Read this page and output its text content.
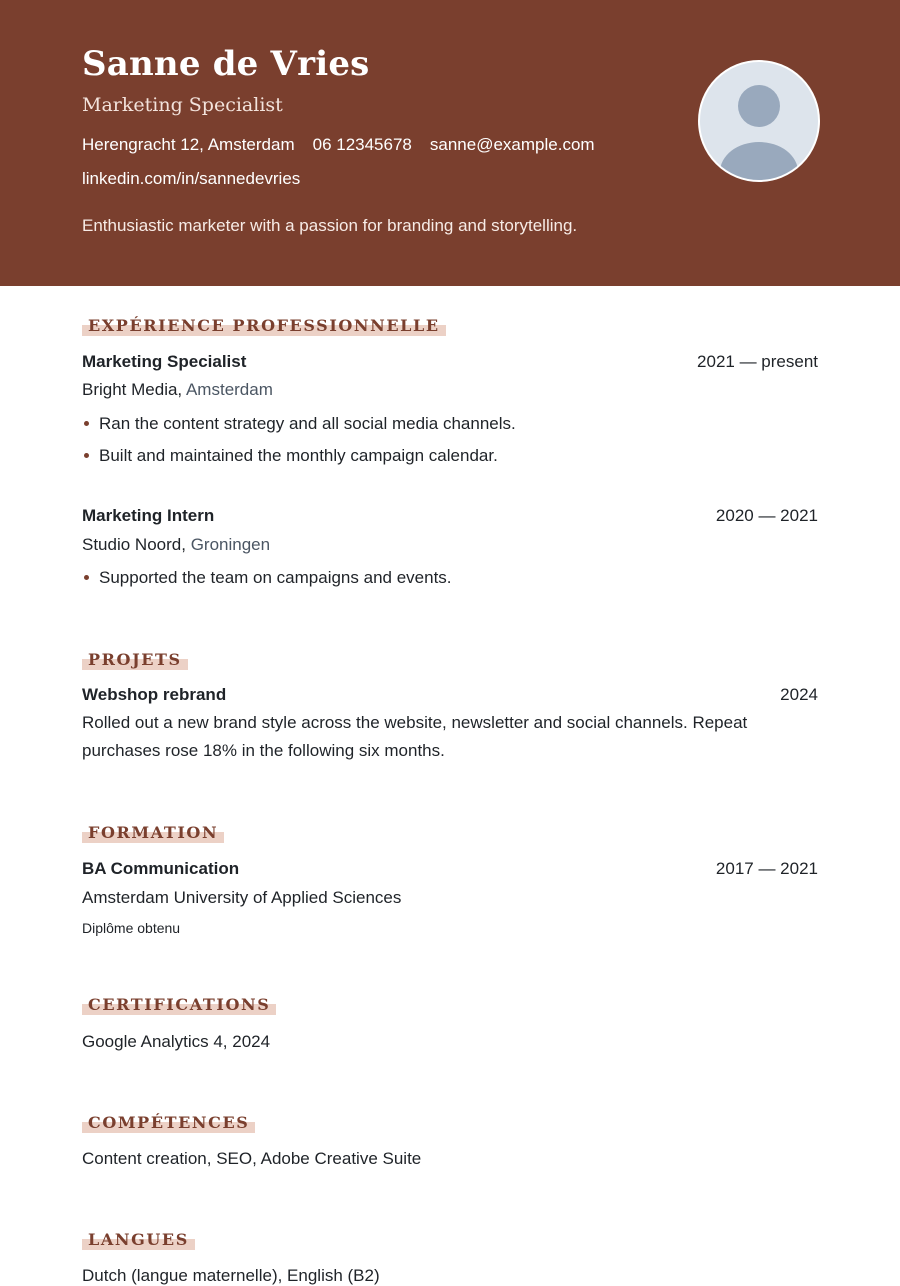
Sanne de Vries
Marketing Specialist
Herengracht 12, Amsterdam 06 12345678 sanne@example.com
linkedin.com/in/sannedevries
Enthusiastic marketer with a passion for branding and storytelling.
EXPÉRIENCE PROFESSIONNELLE
Marketing Specialist	2021 — present
Bright Media, Amsterdam
Ran the content strategy and all social media channels.
Built and maintained the monthly campaign calendar.
Marketing Intern	2020 — 2021
Studio Noord, Groningen
Supported the team on campaigns and events.
PROJETS
Webshop rebrand	2024
Rolled out a new brand style across the website, newsletter and social channels. Repeat purchases rose 18% in the following six months.
FORMATION
BA Communication	2017 — 2021
Amsterdam University of Applied Sciences
Diplôme obtenu
CERTIFICATIONS
Google Analytics 4, 2024
COMPÉTENCES
Content creation, SEO, Adobe Creative Suite
LANGUES
Dutch (langue maternelle), English (B2)
